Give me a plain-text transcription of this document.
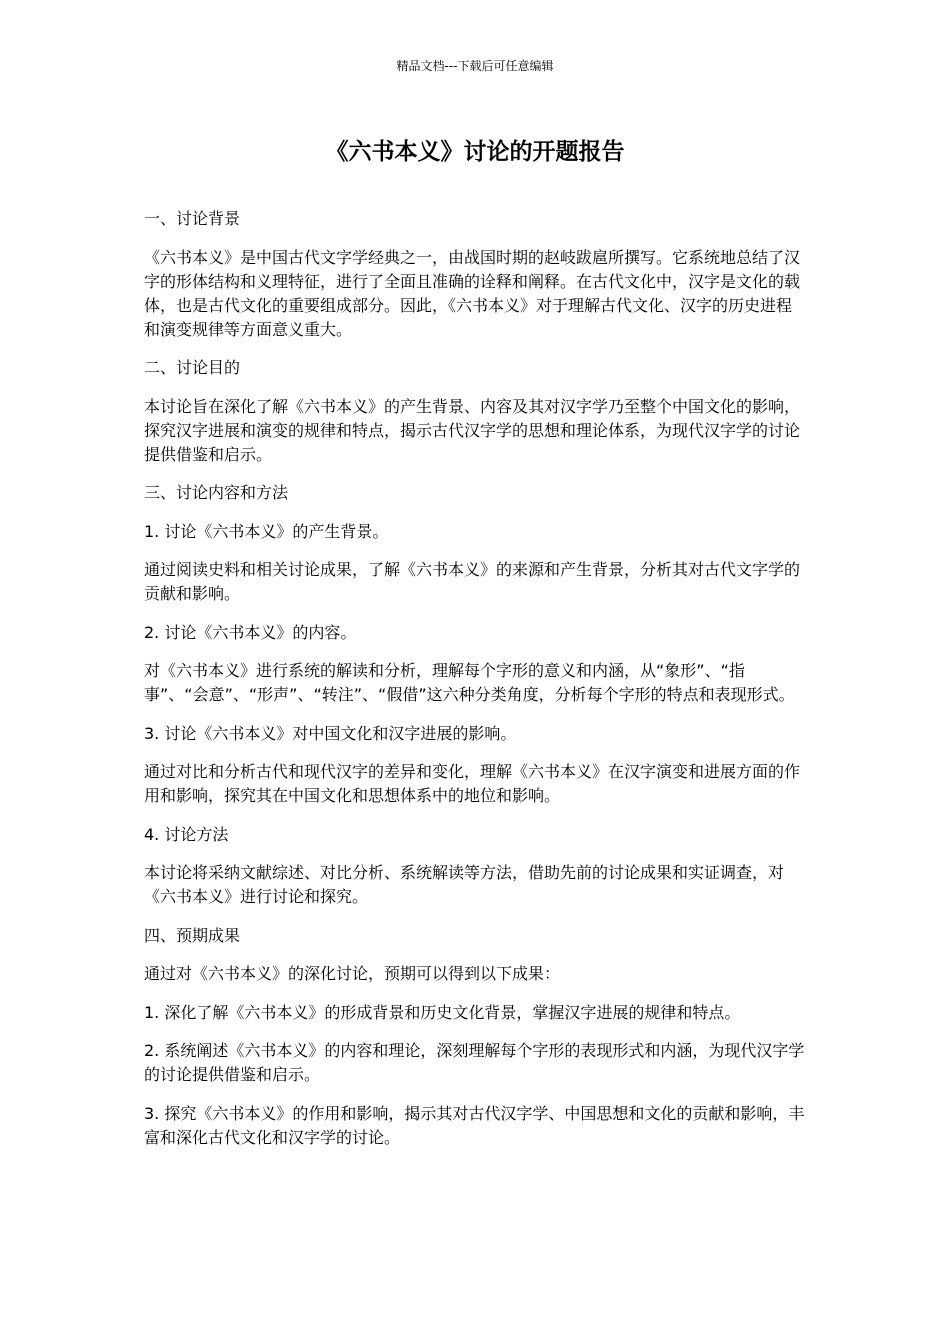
精品文档---下载后可任意编辑
《六书本义》讨论的开题报告

一、讨论背景

《六书本义》是中国古代文字学经典之一，由战国时期的赵岐跋扈所撰写。它系统地总结了汉字的形体结构和义理特征，进行了全面且准确的诠释和阐释。在古代文化中，汉字是文化的载体，也是古代文化的重要组成部分。因此，《六书本义》对于理解古代文化、汉字的历史进程和演变规律等方面意义重大。

二、讨论目的

本讨论旨在深化了解《六书本义》的产生背景、内容及其对汉字学乃至整个中国文化的影响，探究汉字进展和演变的规律和特点，揭示古代汉字学的思想和理论体系，为现代汉字学的讨论提供借鉴和启示。

三、讨论内容和方法

1. 讨论《六书本义》的产生背景。

通过阅读史料和相关讨论成果，了解《六书本义》的来源和产生背景，分析其对古代文字学的贡献和影响。

2. 讨论《六书本义》的内容。

对《六书本义》进行系统的解读和分析，理解每个字形的意义和内涵，从“象形”、“指事”、“会意”、“形声”、“转注”、“假借”这六种分类角度，分析每个字形的特点和表现形式。

3. 讨论《六书本义》对中国文化和汉字进展的影响。

通过对比和分析古代和现代汉字的差异和变化，理解《六书本义》在汉字演变和进展方面的作用和影响，探究其在中国文化和思想体系中的地位和影响。

4. 讨论方法

本讨论将采纳文献综述、对比分析、系统解读等方法，借助先前的讨论成果和实证调查，对《六书本义》进行讨论和探究。

四、预期成果

通过对《六书本义》的深化讨论，预期可以得到以下成果：

1. 深化了解《六书本义》的形成背景和历史文化背景，掌握汉字进展的规律和特点。

2. 系统阐述《六书本义》的内容和理论，深刻理解每个字形的表现形式和内涵，为现代汉字学的讨论提供借鉴和启示。

3. 探究《六书本义》的作用和影响，揭示其对古代汉字学、中国思想和文化的贡献和影响，丰富和深化古代文化和汉字学的讨论。
